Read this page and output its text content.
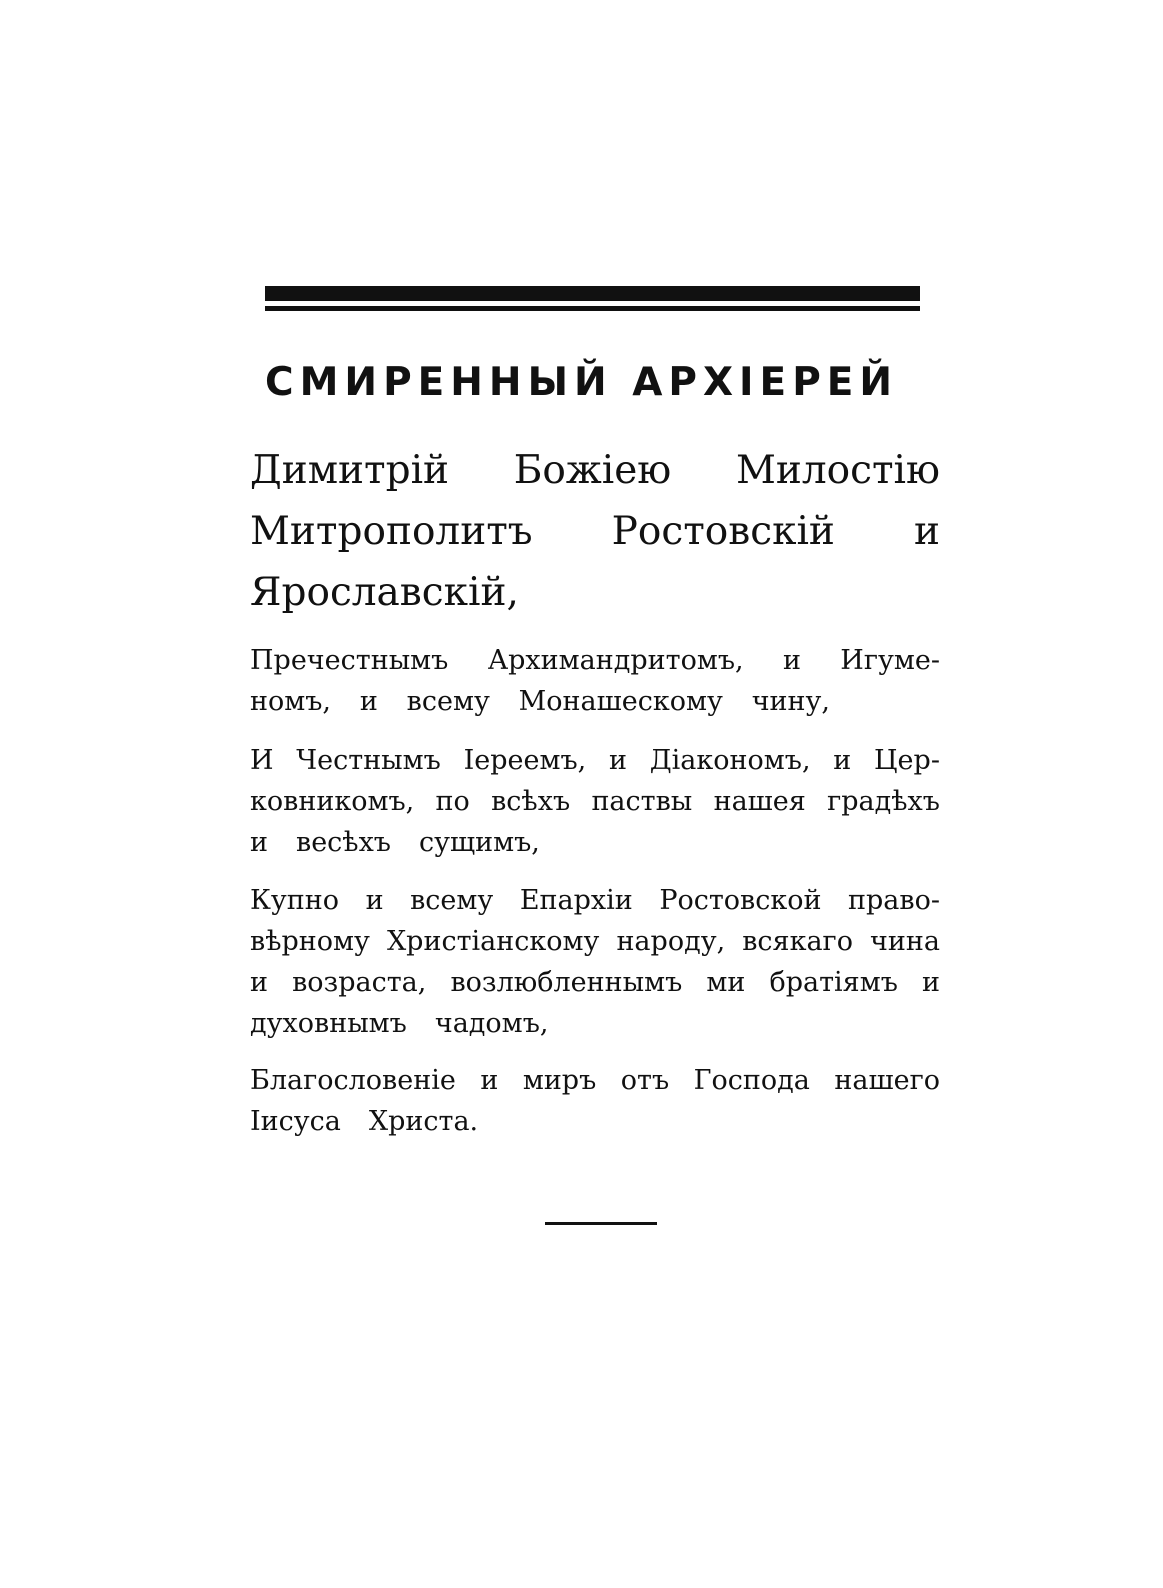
СМИРЕННЫЙ АРХІЕРЕЙ
Димитрій Божіею Милостію
Митрополитъ Ростовскій и
Ярославскій,
Пречестнымъ Архимандритомъ, и Игуме-
номъ, и всему Монашескому чину,
И Честнымъ Іереемъ, и Діакономъ, и Цер-
ковникомъ, по всѣхъ паствы нашея градѣхъ
и весѣхъ сущимъ,
Купно и всему Епархіи Ростовской право-
вѣрному Христіанскому народу, всякаго чина
и возраста, возлюбленнымъ ми братіямъ и
духовнымъ чадомъ,
Благословеніе и миръ отъ Господа нашего
Іисуса Христа.
